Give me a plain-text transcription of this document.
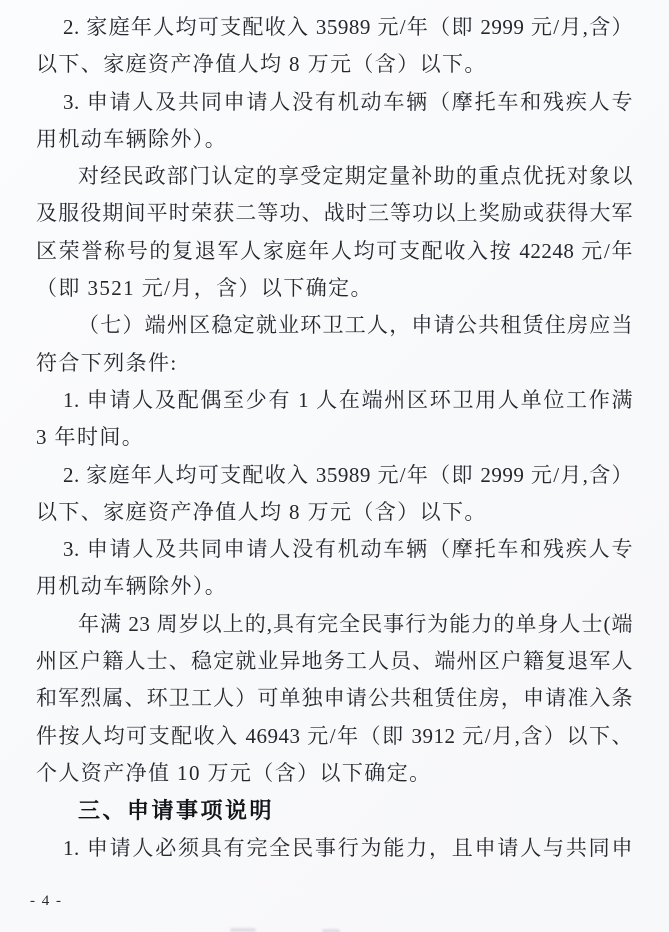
2. 家庭年人均可支配收入 35989 元/年（即 2999 元/月,含）
以下、家庭资产净值人均 8 万元（含）以下。
3. 申请人及共同申请人没有机动车辆（摩托车和残疾人专
用机动车辆除外）。
对经民政部门认定的享受定期定量补助的重点优抚对象以
及服役期间平时荣获二等功、战时三等功以上奖励或获得大军
区荣誉称号的复退军人家庭年人均可支配收入按 42248 元/年
（即 3521 元/月，含）以下确定。
（七）端州区稳定就业环卫工人，申请公共租赁住房应当
符合下列条件:
1. 申请人及配偶至少有 1 人在端州区环卫用人单位工作满
3 年时间。
2. 家庭年人均可支配收入 35989 元/年（即 2999 元/月,含）
以下、家庭资产净值人均 8 万元（含）以下。
3. 申请人及共同申请人没有机动车辆（摩托车和残疾人专
用机动车辆除外）。
年满 23 周岁以上的,具有完全民事行为能力的单身人士(端
州区户籍人士、稳定就业异地务工人员、端州区户籍复退军人
和军烈属、环卫工人）可单独申请公共租赁住房，申请准入条
件按人均可支配收入 46943 元/年（即 3912 元/月,含）以下、
个人资产净值 10 万元（含）以下确定。
三、申请事项说明
1. 申请人必须具有完全民事行为能力，且申请人与共同申
- 4 -
